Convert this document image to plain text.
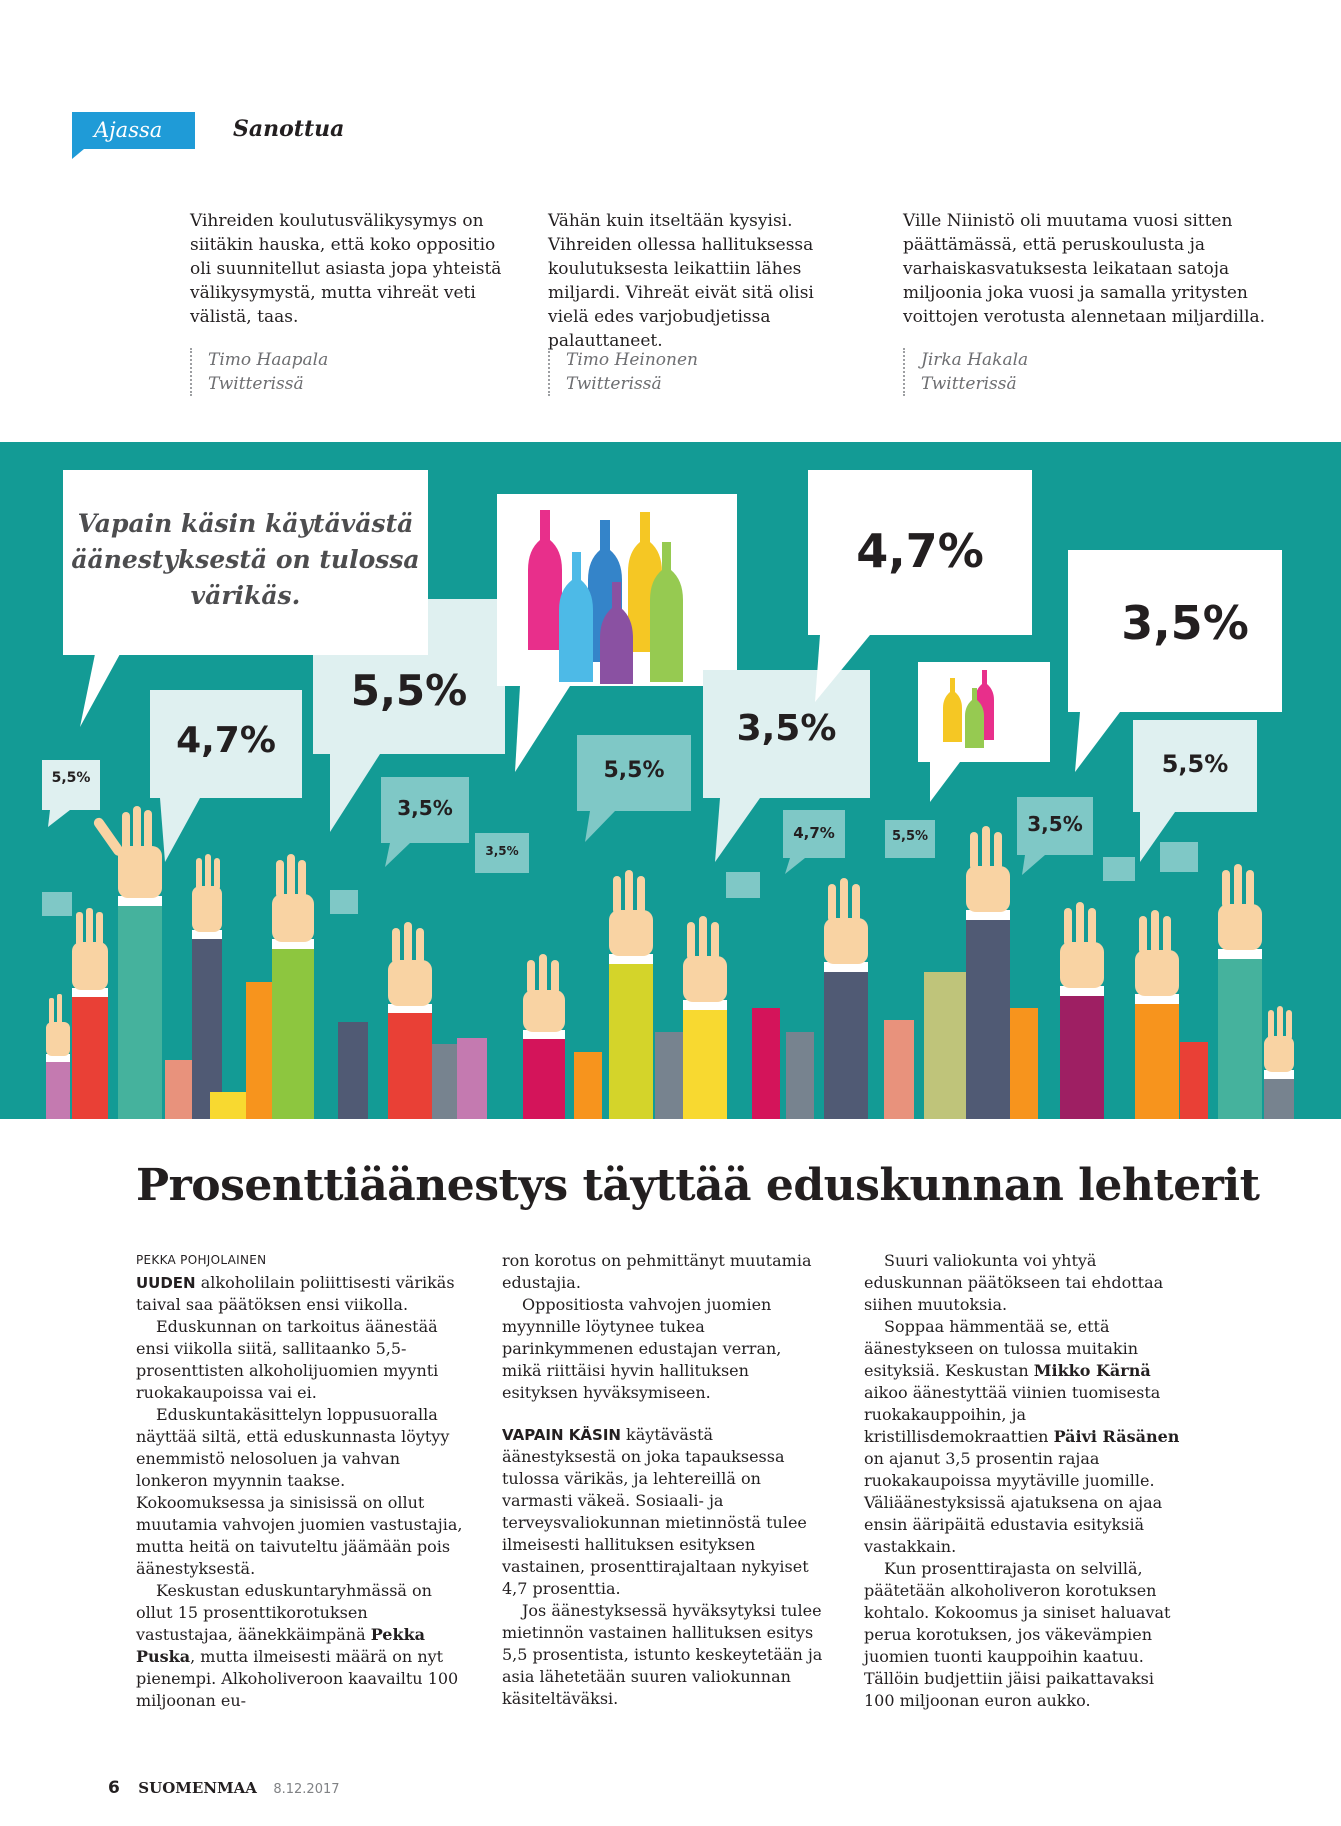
Ajassa	Sanottua
Vihreiden koulutusvälikysymys on siitäkin hauska, että koko oppositio oli suunnitellut asiasta jopa yhteistä välikysymystä, mutta vihreät veti välistä, taas.
Timo Haapala
Twitterissä
Vähän kuin itseltään kysyisi. Vihreiden ollessa hallituksessa koulutuksesta leikattiin lähes miljardi. Vihreät eivät sitä olisi vielä edes varjobudjetissa palauttaneet.
Timo Heinonen
Twitterissä
Ville Niinistö oli muutama vuosi sitten päättämässä, että peruskoulusta ja varhaiskasvatuksesta leikataan satoja miljoonia joka vuosi ja samalla yritysten voittojen verotusta alennetaan miljardilla.
Jirka Hakala
Twitterissä
Vapain käsin käytävästä äänestyksestä on tulossa värikäs.
5,5%
4,7%
5,5%
3,5%
3,5%
5,5%
3,5%
4,7%
4,7%
5,5%
3,5%
3,5%
5,5%
Prosenttiäänestys täyttää eduskunnan lehterit
PEKKA POHJOLAINEN

UUDEN alkoholilain poliittisesti värikäs taival saa päätöksen ensi viikolla.

Eduskunnan on tarkoitus äänestää ensi viikolla siitä, sallitaanko 5,5-prosenttisten alkoholijuomien myynti ruokakaupoissa vai ei.

Eduskuntakäsittelyn loppusuoralla näyttää siltä, että eduskunnasta löytyy enemmistö nelosoluen ja vahvan lonkeron myynnin taakse. Kokoomuksessa ja sinisissä on ollut muutamia vahvojen juomien vastustajia, mutta heitä on taivuteltu jäämään pois äänestyksestä.

Keskustan eduskuntaryhmässä on ollut 15 prosenttikorotuksen vastustajaa, äänekkäimpänä Pekka Puska, mutta ilmeisesti määrä on nyt pienempi. Alkoholiveroon kaavailtu 100 miljoonan eu-

ron korotus on pehmittänyt muutamia edustajia.

Oppositiosta vahvojen juomien myynnille löytynee tukea parinkymmenen edustajan verran, mikä riittäisi hyvin hallituksen esityksen hyväksymiseen.

VAPAIN KÄSIN käytävästä äänestyksestä on joka tapauksessa tulossa värikäs, ja lehtereillä on varmasti väkeä. Sosiaali- ja terveysvaliokunnan mietinnöstä tulee ilmeisesti hallituksen esityksen vastainen, prosenttirajaltaan nykyiset 4,7 prosenttia.

Jos äänestyksessä hyväksytyksi tulee mietinnön vastainen hallituksen esitys 5,5 prosentista, istunto keskeytetään ja asia lähetetään suuren valiokunnan käsiteltäväksi.

Suuri valiokunta voi yhtyä eduskunnan päätökseen tai ehdottaa siihen muutoksia.

Soppaa hämmentää se, että äänestykseen on tulossa muitakin esityksiä. Keskustan Mikko Kärnä aikoo äänestyttää viinien tuomisesta ruokakauppoihin, ja kristillisdemokraattien Päivi Räsänen on ajanut 3,5 prosentin rajaa ruokakaupoissa myytäville juomille. Väliäänestyksissä ajatuksena on ajaa ensin ääripäitä edustavia esityksiä vastakkain.

Kun prosenttirajasta on selvillä, päätetään alkoholiveron korotuksen kohtalo. Kokoomus ja siniset haluavat perua korotuksen, jos väkevämpien juomien tuonti kauppoihin kaatuu. Tällöin budjettiin jäisi paikattavaksi 100 miljoonan euron aukko.

6 SUOMENMAA 8.12.2017
